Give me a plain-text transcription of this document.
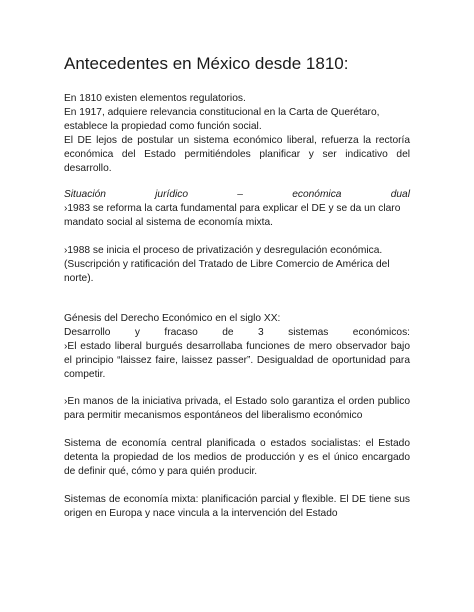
Antecedentes en México desde 1810:

En 1810 existen elementos regulatorios.

En 1917, adquiere relevancia constitucional en la Carta de Querétaro, establece la propiedad como función social.

El DE lejos de postular un sistema económico liberal, refuerza la rectoría económica del Estado permitiéndoles planificar y ser indicativo del desarrollo.

Situación	jurídico	–	económica	dual

›1983 se reforma la carta fundamental para explicar el DE y se da un claro mandato social al sistema de economía mixta.

›1988 se inicia el proceso de privatización y desregulación económica. (Suscripción y ratificación del Tratado de Libre Comercio de América del norte).

Génesis del Derecho Económico en el siglo XX:

Desarrollo y fracaso de 3 sistemas económicos:

›El estado liberal burgués desarrollaba funciones de mero observador bajo el principio “laissez faire, laissez passer”. Desigualdad de oportunidad para competir.

›En manos de la iniciativa privada, el Estado solo garantiza el orden publico para permitir mecanismos espontáneos del liberalismo económico

Sistema de economía central planificada o estados socialistas: el Estado detenta la propiedad de los medios de producción y es el único encargado de definir qué, cómo y para quién producir.

Sistemas de economía mixta: planificación parcial y flexible. El DE tiene sus origen en Europa y nace vincula a la intervención del Estado
